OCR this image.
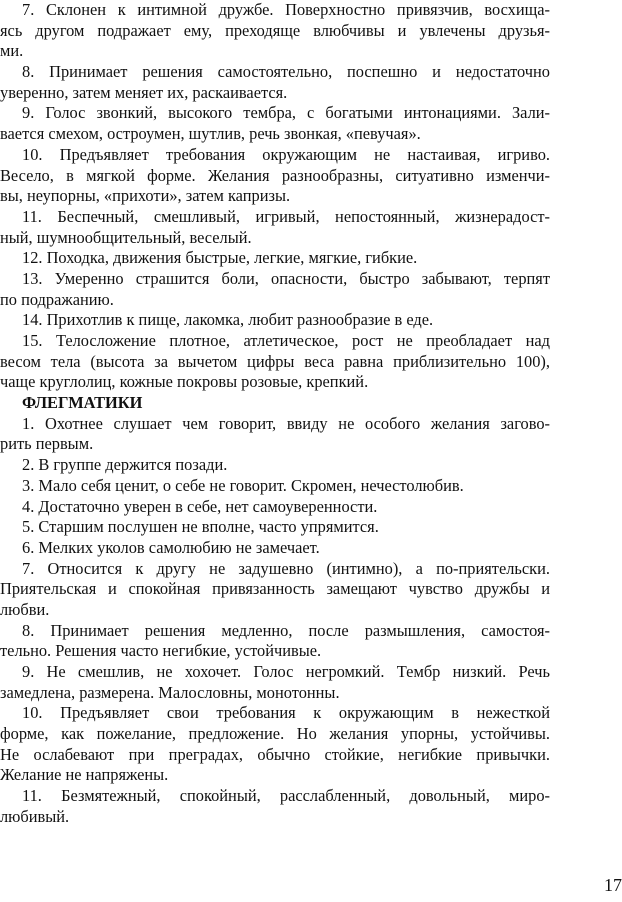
7. Склонен к интимной дружбе. Поверхностно привязчив, восхища-
ясь другом подражает ему, преходяще влюбчивы и увлечены друзья-
ми.
8. Принимает решения самостоятельно, поспешно и недостаточно
уверенно, затем меняет их, раскаивается.
9. Голос звонкий, высокого тембра, с богатыми интонациями. Зали-
вается смехом, остроумен, шутлив, речь звонкая, «певучая».
10. Предъявляет требования окружающим не настаивая, игриво.
Весело, в мягкой форме. Желания разнообразны, ситуативно изменчи-
вы, неупорны, «прихоти», затем капризы.
11. Беспечный, смешливый, игривый, непостоянный, жизнерадост-
ный, шумнообщительный, веселый.
12. Походка, движения быстрые, легкие, мягкие, гибкие.
13. Умеренно страшится боли, опасности, быстро забывают, терпят
по подражанию.
14. Прихотлив к пище, лакомка, любит разнообразие в еде.
15. Телосложение плотное, атлетическое, рост не преобладает над
весом тела (высота за вычетом цифры веса равна приблизительно 100),
чаще круглолиц, кожные покровы розовые, крепкий.
ФЛЕГМАТИКИ
1. Охотнее слушает чем говорит, ввиду не особого желания загово-
рить первым.
2. В группе держится позади.
3. Мало себя ценит, о себе не говорит. Скромен, нечестолюбив.
4. Достаточно уверен в себе, нет самоуверенности.
5. Старшим послушен не вполне, часто упрямится.
6. Мелких уколов самолюбию не замечает.
7. Относится к другу не задушевно (интимно), а по-приятельски.
Приятельская и спокойная привязанность замещают чувство дружбы и
любви.
8. Принимает решения медленно, после размышления, самостоя-
тельно. Решения часто негибкие, устойчивые.
9. Не смешлив, не хохочет. Голос негромкий. Тембр низкий. Речь
замедлена, размерена. Малословны, монотонны.
10. Предъявляет свои требования к окружающим в нежесткой
форме, как пожелание, предложение. Но желания упорны, устойчивы.
Не ослабевают при преградах, обычно стойкие, негибкие привычки.
Желание не напряжены.
11. Безмятежный, спокойный, расслабленный, довольный, миро-
любивый.
17
